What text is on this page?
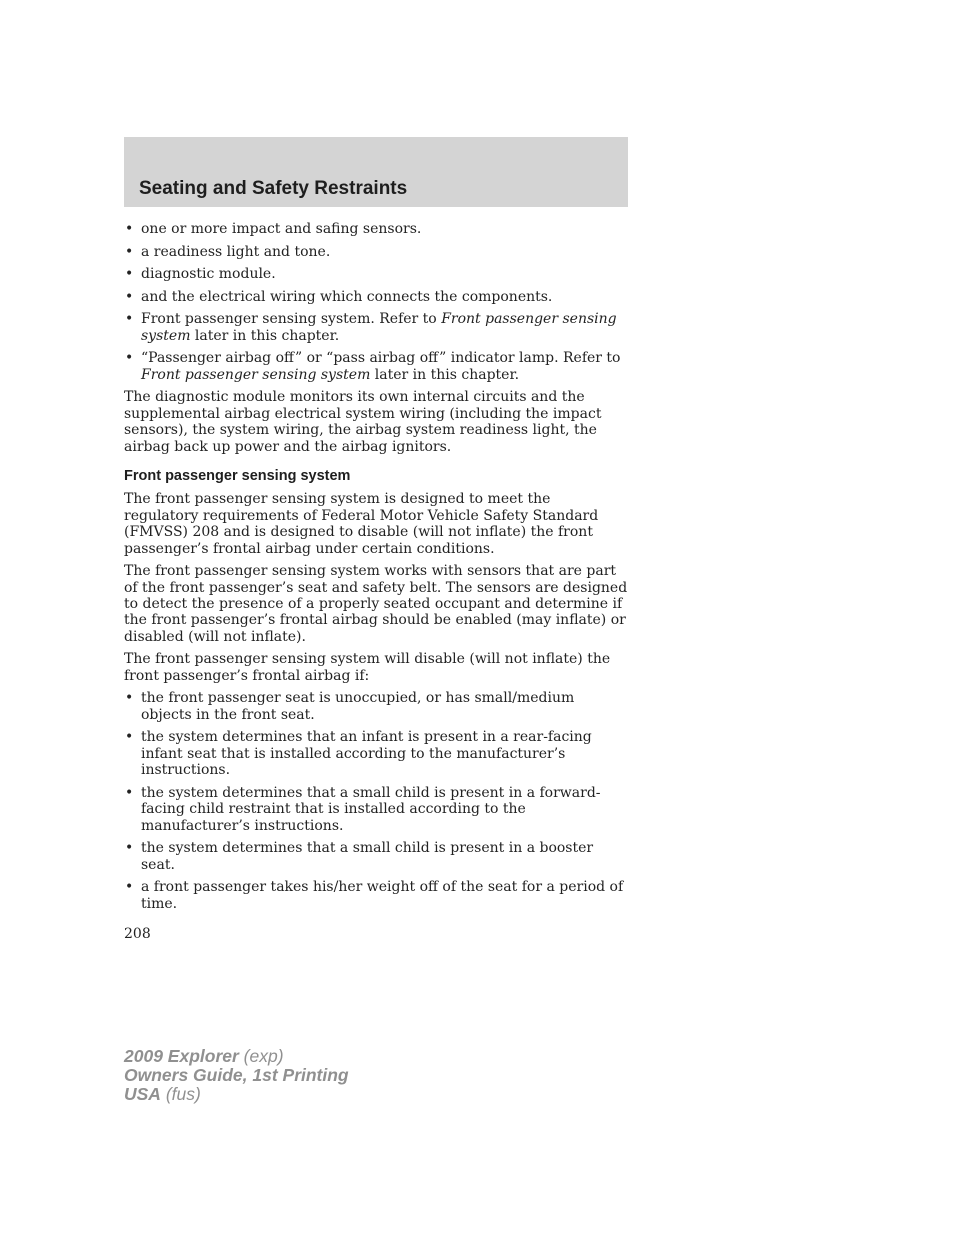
Seating and Safety Restraints
• one or more impact and safing sensors.
• a readiness light and tone.
• diagnostic module.
• and the electrical wiring which connects the components.
• Front passenger sensing system. Refer to Front passenger sensing system later in this chapter.
• “Passenger airbag off” or “pass airbag off” indicator lamp. Refer to Front passenger sensing system later in this chapter.

The diagnostic module monitors its own internal circuits and the supplemental airbag electrical system wiring (including the impact sensors), the system wiring, the airbag system readiness light, the airbag back up power and the airbag ignitors.

Front passenger sensing system

The front passenger sensing system is designed to meet the regulatory requirements of Federal Motor Vehicle Safety Standard (FMVSS) 208 and is designed to disable (will not inflate) the front passenger’s frontal airbag under certain conditions.

The front passenger sensing system works with sensors that are part of the front passenger’s seat and safety belt. The sensors are designed to detect the presence of a properly seated occupant and determine if the front passenger’s frontal airbag should be enabled (may inflate) or disabled (will not inflate).

The front passenger sensing system will disable (will not inflate) the front passenger’s frontal airbag if:

• the front passenger seat is unoccupied, or has small/medium objects in the front seat.
• the system determines that an infant is present in a rear-facing infant seat that is installed according to the manufacturer’s instructions.
• the system determines that a small child is present in a forward-facing child restraint that is installed according to the manufacturer’s instructions.
• the system determines that a small child is present in a booster seat.
• a front passenger takes his/her weight off of the seat for a period of time.
208
2009 Explorer (exp)
Owners Guide, 1st Printing
USA (fus)
